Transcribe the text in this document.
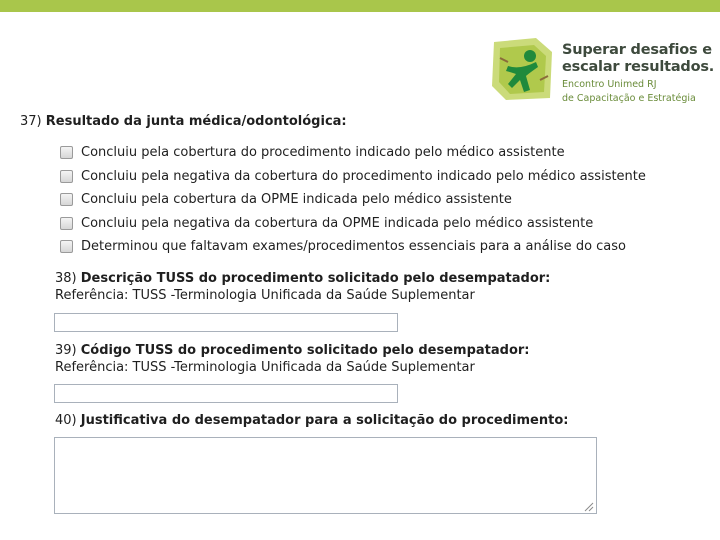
Superar desafios e
escalar resultados.
Encontro Unimed RJ
de Capacitação e Estratégia
37) Resultado da junta médica/odontológica:
Concluiu pela cobertura do procedimento indicado pelo médico assistente
Concluiu pela negativa da cobertura do procedimento indicado pelo médico assistente
Concluiu pela cobertura da OPME indicada pelo médico assistente
Concluiu pela negativa da cobertura da OPME indicada pelo médico assistente
Determinou que faltavam exames/procedimentos essenciais para a análise do caso
38) Descrição TUSS do procedimento solicitado pelo desempatador:
Referência: TUSS -Terminologia Unificada da Saúde Suplementar
39) Código TUSS do procedimento solicitado pelo desempatador:
Referência: TUSS -Terminologia Unificada da Saúde Suplementar
40) Justificativa do desempatador para a solicitação do procedimento:
